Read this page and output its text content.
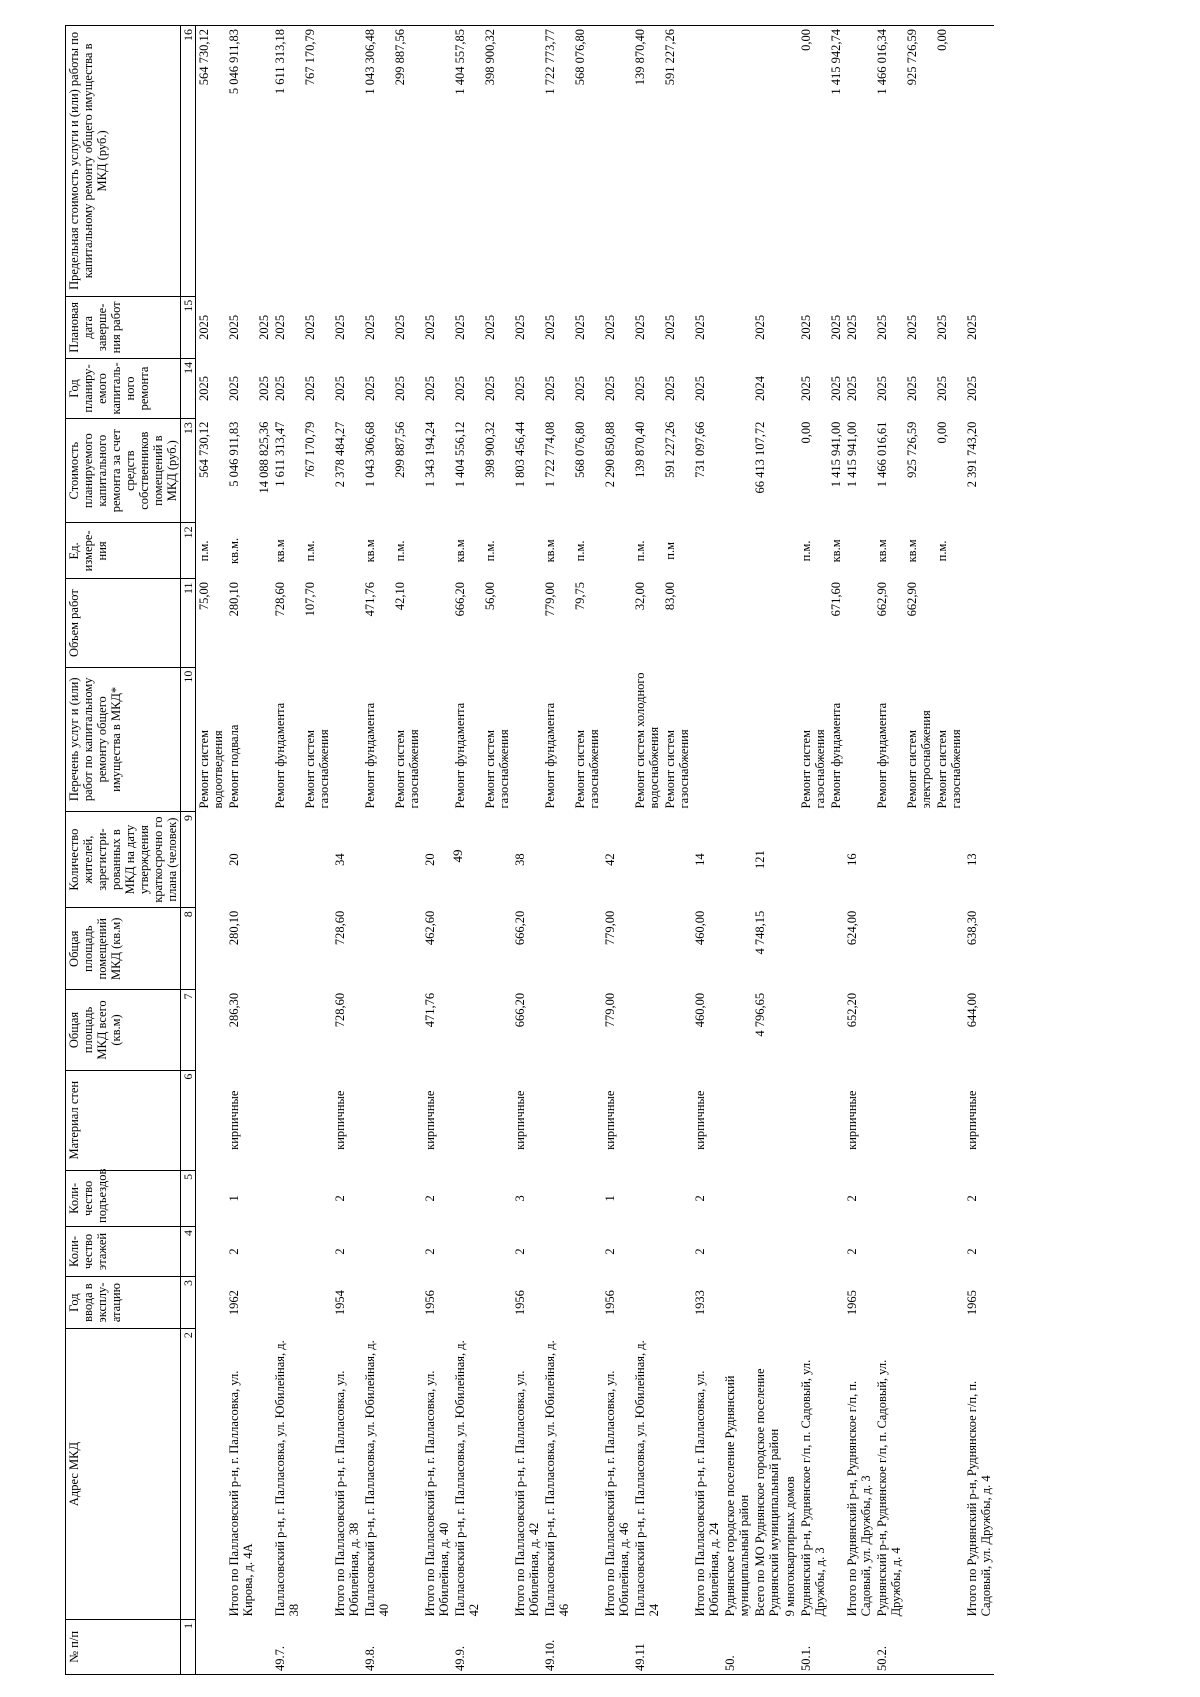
49
№ п/п	Адрес МКД	Год ввода в эксплу-атацию	Коли-чество этажей	Коли-чество подъездов	Материал стен	Общая площадь МКД всего (кв.м)	Общая площадь помещений МКД (кв.м)	Количество жителей, зарегистри-рованных в МКД на дату утверждения краткосрочно го плана (человек)	Перечень услуг и (или) работ по капитальному ремонту общего имущества в МКД*	Объем работ	Ед. измере-ния	Стоимость планируемого капитального ремонта за счет средств собственников помещений в МКД (руб.)	Год планиру-емого капиталь-ного ремонта	Плановая дата заверше-ния работ	Предельная стоимость услуги и (или) работы по капитальному ремонту общего имущества в МКД (руб.)
1	2	3	4	5	6	7	8	9	10	11	12	13	14	15	16
									Ремонт систем водоотведения	75,00	п.м.	564 730,12	2025	2025	564 730,12
	Итого по Палласовский р-н, г. Палласовка, ул. Кирова, д. 4А	1962	2	1	кирпичные	286,30	280,10	20	Ремонт подвала	280,10	кв.м.	5 046 911,83	2025	2025	5 046 911,83
												14 088 825,36	2025	2025	
49.7.	Палласовский р-н, г. Палласовка, ул. Юбилейная, д. 38								Ремонт фундамента	728,60	кв.м	1 611 313,47	2025	2025	1 611 313,18
									Ремонт систем газоснабжения	107,70	п.м.	767 170,79	2025	2025	767 170,79
	Итого по Палласовский р-н, г. Палласовка, ул. Юбилейная, д. 38	1954	2	2	кирпичные	728,60	728,60	34				2 378 484,27	2025	2025	
49.8.	Палласовский р-н, г. Палласовка, ул. Юбилейная, д. 40								Ремонт фундамента	471,76	кв.м	1 043 306,68	2025	2025	1 043 306,48
									Ремонт систем газоснабжения	42,10	п.м.	299 887,56	2025	2025	299 887,56
	Итого по Палласовский р-н, г. Палласовка, ул. Юбилейная, д. 40	1956	2	2	кирпичные	471,76	462,60	20				1 343 194,24	2025	2025	
49.9.	Палласовский р-н, г. Палласовка, ул. Юбилейная, д. 42								Ремонт фундамента	666,20	кв.м	1 404 556,12	2025	2025	1 404 557,85
									Ремонт систем газоснабжения	56,00	п.м.	398 900,32	2025	2025	398 900,32
	Итого по Палласовский р-н, г. Палласовка, ул. Юбилейная, д. 42	1956	2	3	кирпичные	666,20	666,20	38				1 803 456,44	2025	2025	
49.10.	Палласовский р-н, г. Палласовка, ул. Юбилейная, д. 46								Ремонт фундамента	779,00	кв.м	1 722 774,08	2025	2025	1 722 773,77
									Ремонт систем газоснабжения	79,75	п.м.	568 076,80	2025	2025	568 076,80
	Итого по Палласовский р-н, г. Палласовка, ул. Юбилейная, д. 46	1956	2	1	кирпичные	779,00	779,00	42				2 290 850,88	2025	2025	
49.11	Палласовский р-н, г. Палласовка, ул. Юбилейная, д. 24								Ремонт систем холодного водоснабжения	32,00	п.м.	139 870,40	2025	2025	139 870,40
									Ремонт систем газоснабжения	83,00	п.м	591 227,26	2025	2025	591 227,26
	Итого по Палласовский р-н, г. Палласовка, ул. Юбилейная, д. 24	1933	2	2	кирпичные	460,00	460,00	14				731 097,66	2025	2025	
50.	Руднянское городское поселение Руднянский муниципальный район														
	Всего по МО Руднянское городское поселение Руднянский муниципальный район					4 796,65	4 748,15	121				66 413 107,72	2024	2025	
	9 многоквартирных домов														
50.1.	Руднянский р-н, Руднянское г/п, п. Садовый, ул. Дружбы, д. 3								Ремонт систем газоснабжения		п.м.	0,00	2025	2025	0,00
									Ремонт фундамента	671,60	кв.м	1 415 941,00	2025	2025	1 415 942,74
	Итого по Руднянский р-н, Руднянское г/п, п. Садовый, ул. Дружбы, д. 3	1965	2	2	кирпичные	652,20	624,00	16				1 415 941,00	2025	2025	
50.2.	Руднянский р-н, Руднянское г/п, п. Садовый, ул. Дружбы, д. 4								Ремонт фундамента	662,90	кв.м	1 466 016,61	2025	2025	1 466 016,34
									Ремонт систем электроснабжения	662,90	кв.м	925 726,59	2025	2025	925 726,59
									Ремонт систем газоснабжения		п.м.	0,00	2025	2025	0,00
	Итого по Руднянский р-н, Руднянское г/п, п. Садовый, ул. Дружбы, д. 4	1965	2	2	кирпичные	644,00	638,30	13				2 391 743,20	2025	2025	
